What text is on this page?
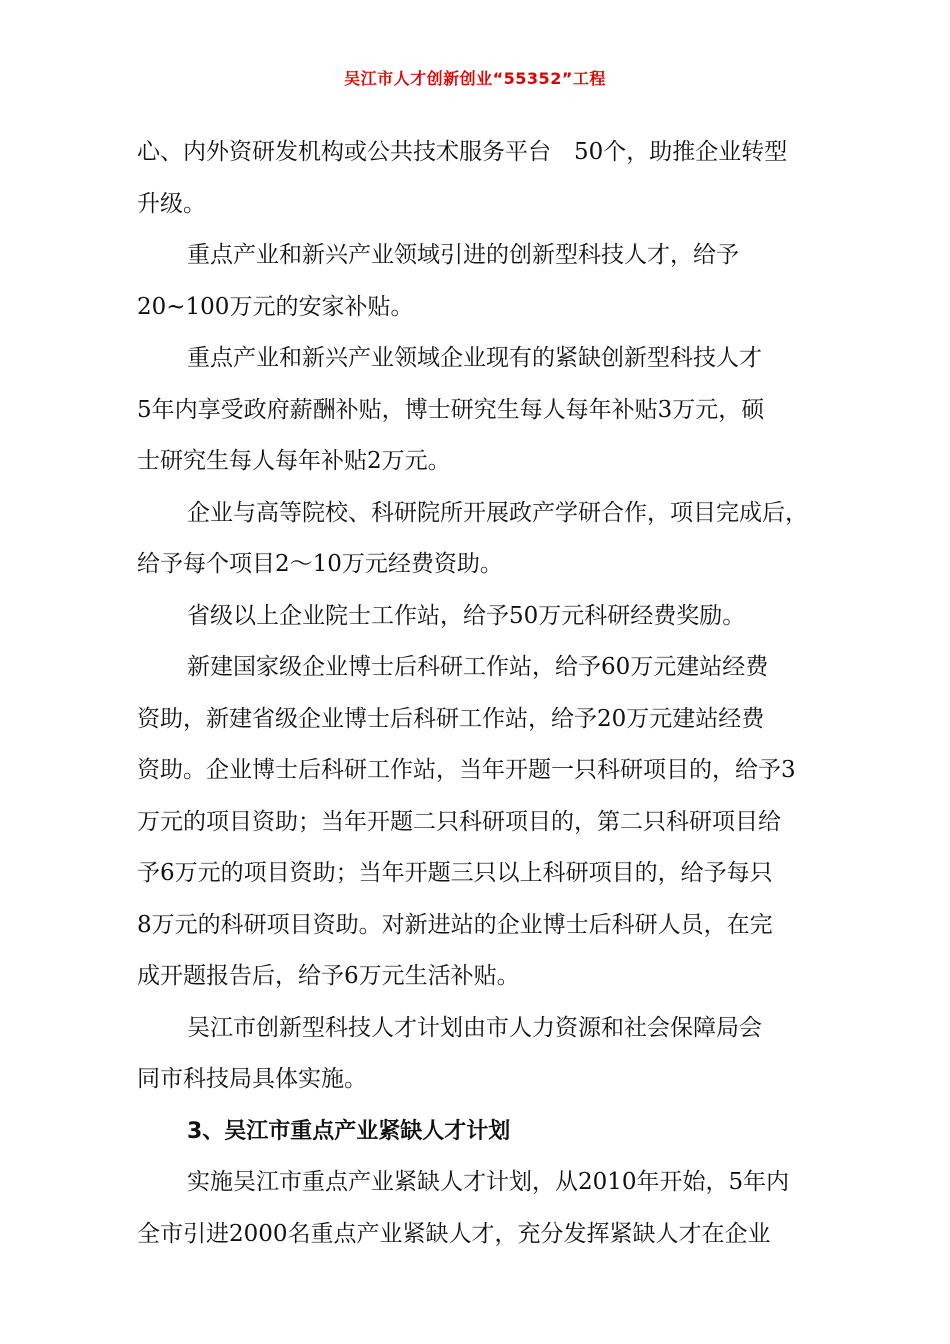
吴江市人才创新创业“55352”工程

心、内外资研发机构或公共技术服务平台　50个，助推企业转型
升级。

重点产业和新兴产业领域引进的创新型科技人才，给予
20~100万元的安家补贴。

重点产业和新兴产业领域企业现有的紧缺创新型科技人才
5年内享受政府薪酬补贴，博士研究生每人每年补贴3万元，硕
士研究生每人每年补贴2万元。

企业与高等院校、科研院所开展政产学研合作，项目完成后，
给予每个项目2～10万元经费资助。

省级以上企业院士工作站，给予50万元科研经费奖励。

新建国家级企业博士后科研工作站，给予60万元建站经费
资助，新建省级企业博士后科研工作站，给予20万元建站经费
资助。企业博士后科研工作站，当年开题一只科研项目的，给予3
万元的项目资助；当年开题二只科研项目的，第二只科研项目给
予6万元的项目资助；当年开题三只以上科研项目的，给予每只
8万元的科研项目资助。对新进站的企业博士后科研人员，在完
成开题报告后，给予6万元生活补贴。

吴江市创新型科技人才计划由市人力资源和社会保障局会
同市科技局具体实施。

3、吴江市重点产业紧缺人才计划

实施吴江市重点产业紧缺人才计划，从2010年开始，5年内
全市引进2000名重点产业紧缺人才，充分发挥紧缺人才在企业
